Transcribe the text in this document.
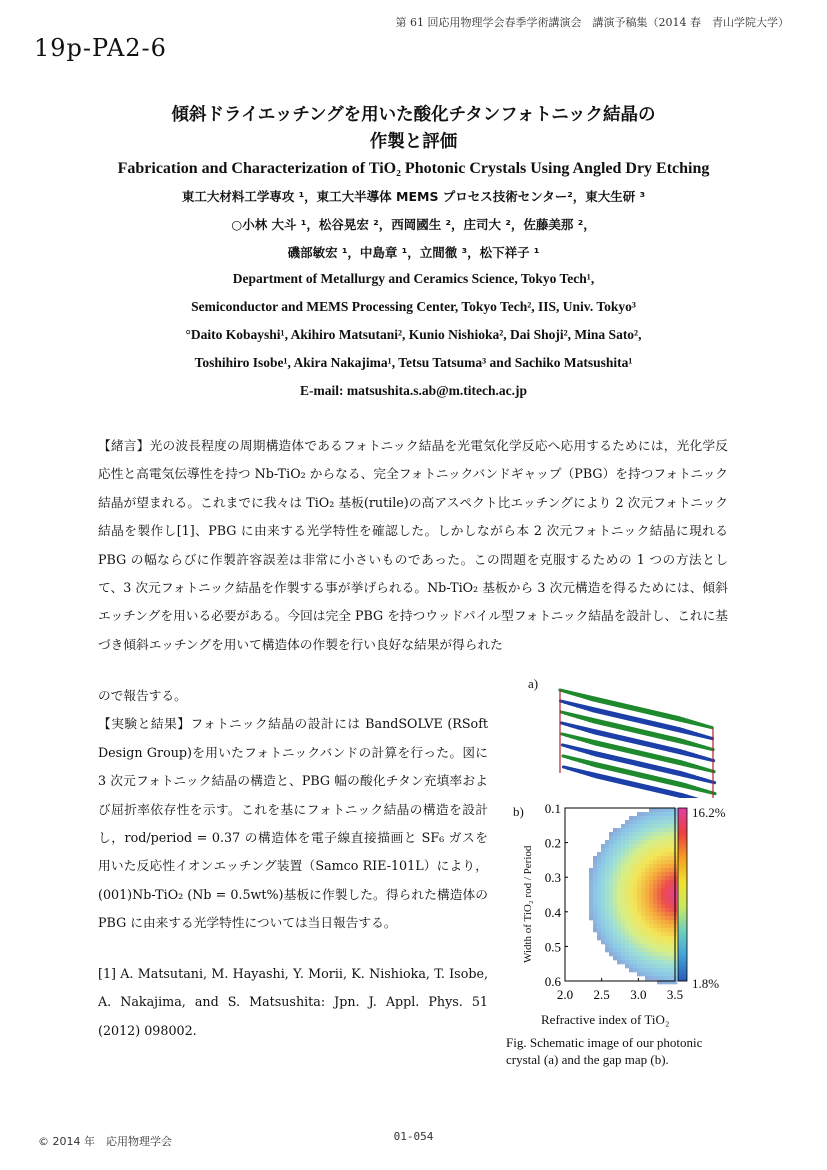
第 61 回応用物理学会春季学術講演会　講演予稿集（2014 春　青山学院大学）
19p-PA2-6
傾斜ドライエッチングを用いた酸化チタンフォトニック結晶の
作製と評価
Fabrication and Characterization of TiO₂ Photonic Crystals Using Angled Dry Etching
東工大材料工学専攻 ¹，東工大半導体 MEMS プロセス技術センター²，東大生研 ³
○小林 大斗 ¹，松谷晃宏 ²，西岡國生 ²，庄司大 ²，佐藤美那 ²，
磯部敏宏 ¹，中島章 ¹，立間徹 ³，松下祥子 ¹
Department of Metallurgy and Ceramics Science, Tokyo Tech¹,
Semiconductor and MEMS Processing Center, Tokyo Tech², IIS, Univ. Tokyo³
°Daito Kobayshi¹, Akihiro Matsutani², Kunio Nishioka², Dai Shoji², Mina Sato²,
Toshihiro Isobe¹, Akira Nakajima¹, Tetsu Tatsuma³ and Sachiko Matsushita¹
E-mail: matsushita.s.ab@m.titech.ac.jp
【緒言】光の波長程度の周期構造体であるフォトニック結晶を光電気化学反応へ応用するためには，光化学反応性と高電気伝導性を持つ Nb-TiO₂ からなる、完全フォトニックバンドギャップ（PBG）を持つフォトニック結晶が望まれる。これまでに我々は TiO₂ 基板(rutile)の高アスペクト比エッチングにより 2 次元フォトニック結晶を製作し[1]、PBG に由来する光学特性を確認した。しかしながら本 2 次元フォトニック結晶に現れる PBG の幅ならびに作製許容誤差は非常に小さいものであった。この問題を克服するための 1 つの方法として、3 次元フォトニック結晶を作製する事が挙げられる。Nb-TiO₂ 基板から 3 次元構造を得るためには、傾斜エッチングを用いる必要がある。今回は完全 PBG を持つウッドパイル型フォトニック結晶を設計し、これに基づき傾斜エッチングを用いて構造体の作製を行い良好な結果が得られた
ので報告する。
【実験と結果】フォトニック結晶の設計には BandSOLVE (RSoft Design Group)を用いたフォトニックバンドの計算を行った。図に 3 次元フォトニック結晶の構造と、PBG 幅の酸化チタン充填率および屈折率依存性を示す。これを基にフォトニック結晶の構造を設計し，rod/period = 0.37 の構造体を電子線直接描画と SF₆ ガスを用いた反応性イオンエッチング装置（Samco RIE-101L）により，(001)Nb-TiO₂ (Nb = 0.5wt%)基板に作製した。得られた構造体の PBG に由来する光学特性については当日報告する。
[1] A. Matsutani, M. Hayashi, Y. Morii, K. Nishioka, T. Isobe, A. Nakajima, and S. Matsushita: Jpn. J. Appl. Phys. 51 (2012) 098002.
a)
b) 0.1
0.2
0.3
0.4
0.5
0.6
2.0 2.5 3.0 3.5
Width of TiO₂ rod / Period
Refractive index of TiO₂
16.2%
1.8%
Fig. Schematic image of our photonic crystal (a) and the gap map (b).
© 2014 年　応用物理学会	01-054
